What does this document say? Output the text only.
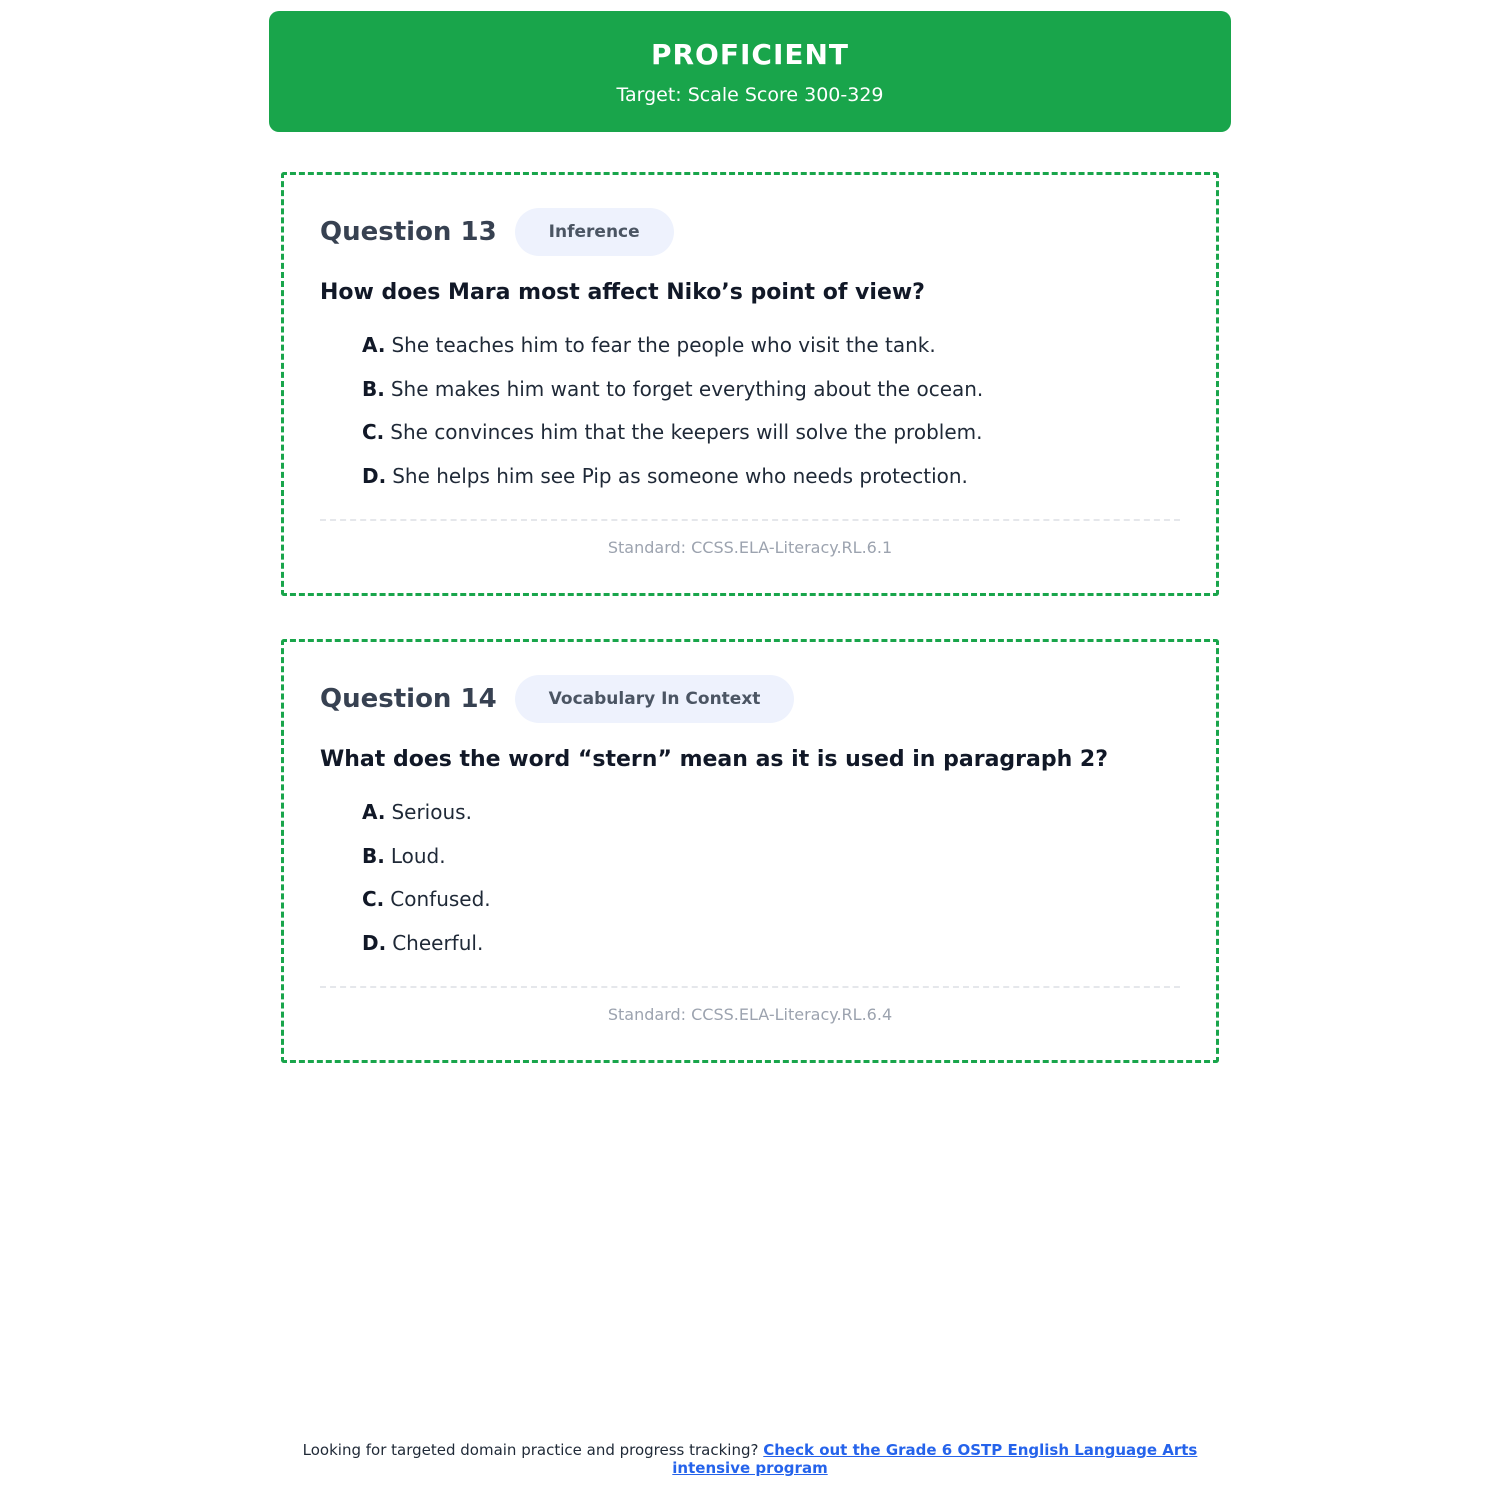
PROFICIENT
Target: Scale Score 300-329
Question 13	Inference
How does Mara most affect Niko’s point of view?
A. She teaches him to fear the people who visit the tank.
B. She makes him want to forget everything about the ocean.
C. She convinces him that the keepers will solve the problem.
D. She helps him see Pip as someone who needs protection.
Standard: CCSS.ELA-Literacy.RL.6.1
Question 14	Vocabulary In Context
What does the word “stern” mean as it is used in paragraph 2?
A. Serious.
B. Loud.
C. Confused.
D. Cheerful.
Standard: CCSS.ELA-Literacy.RL.6.4
Looking for targeted domain practice and progress tracking? Check out the Grade 6 OSTP English Language Arts intensive program
